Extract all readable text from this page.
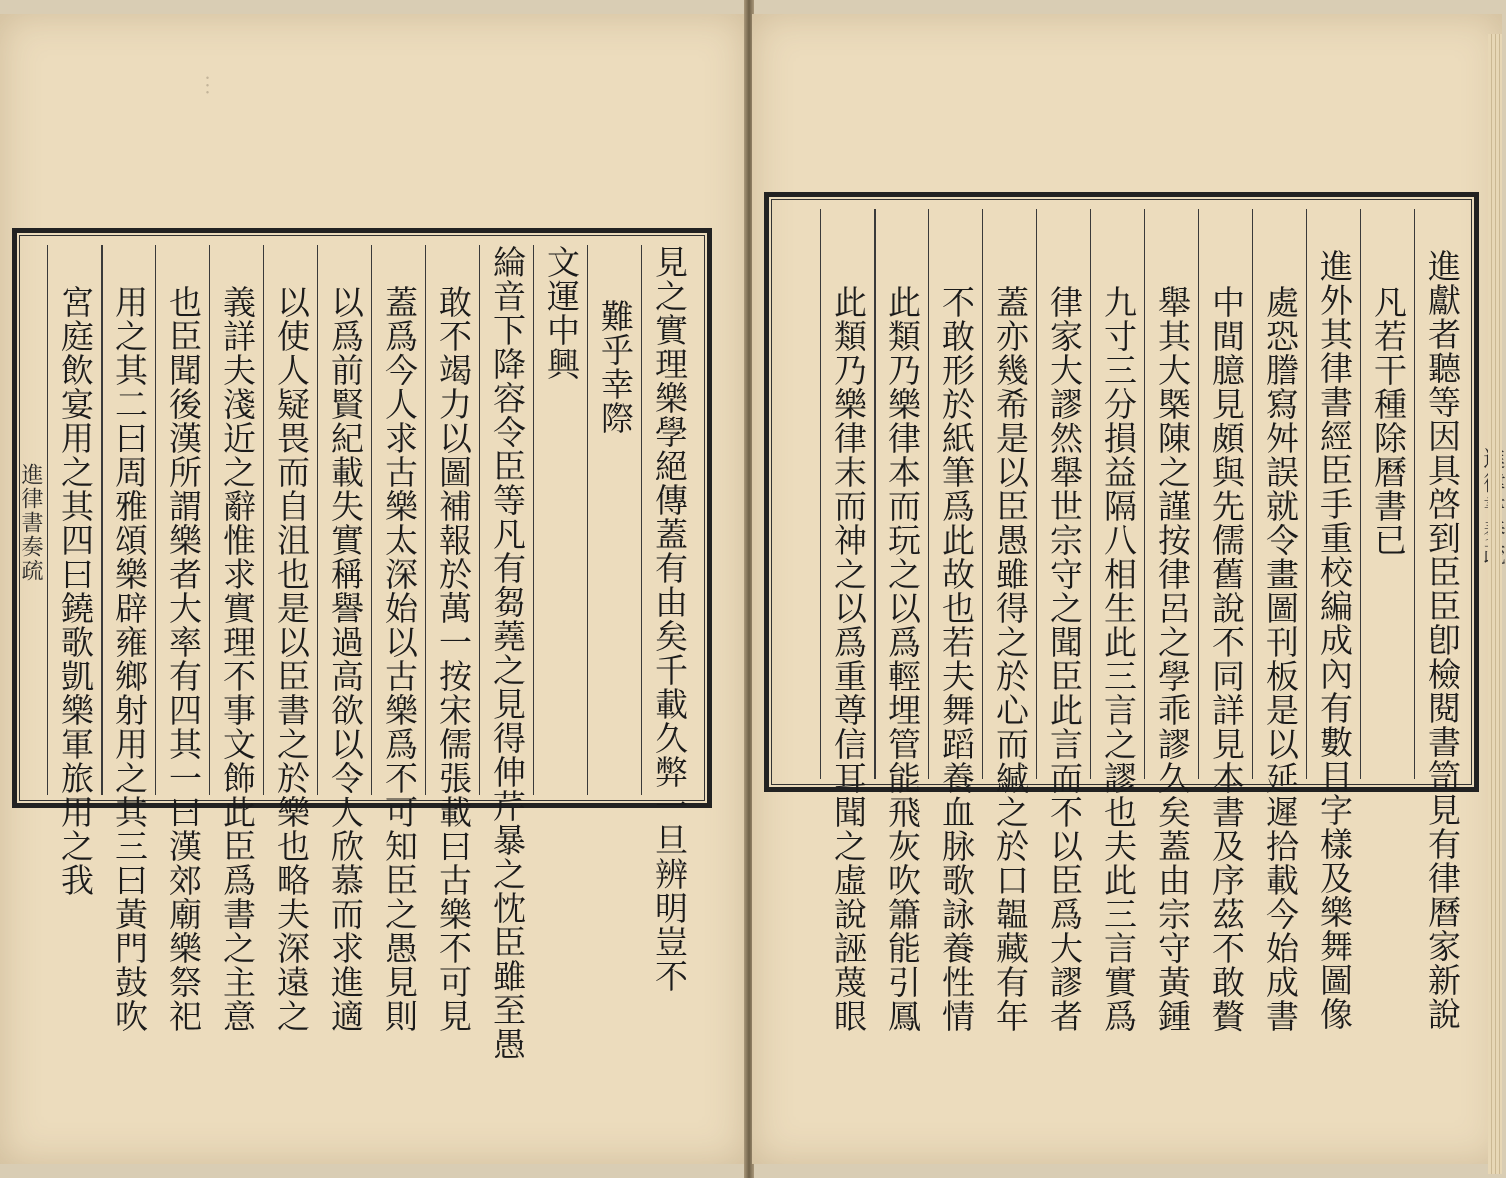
︙
進律書奏疏	見之實理樂學絕傳蓋有由矣千載久弊一旦辨明豈不
難乎幸際
文運中興
綸音下降容令臣等凡有芻蕘之見得伸芹暴之忱臣雖至愚
敢不竭力以圖補報於萬一按宋儒張載曰古樂不可見
蓋爲今人求古樂太深始以古樂爲不可知臣之愚見則
以爲前賢紀載失實稱譽過高欲以令人欣慕而求進適
以使人疑畏而自沮也是以臣書之於樂也略夫深遠之
義詳夫淺近之辭惟求實理不事文飾此臣爲書之主意
也臣聞後漢所謂樂者大率有四其一曰漢郊廟樂祭祀
用之其二曰周雅頌樂辟雍鄉射用之其三曰黃門鼓吹
宮庭飲宴用之其四曰鐃歌凱樂軍旅用之我	進獻者聽等因具啓到臣臣卽檢閱書笥見有律曆家新說
凡若干種除曆書已
進外其律書經臣手重校編成內有數目字樣及樂舞圖像
處恐謄寫舛誤就令畫圖刊板是以延遲拾載今始成書
中間臆見頗與先儒舊說不同詳見本書及序茲不敢贅
舉其大槩陳之謹按律呂之學乖謬久矣蓋由宗守黃鍾
九寸三分損益隔八相生此三言之謬也夫此三言實爲
律家大謬然舉世宗守之聞臣此言而不以臣爲大謬者
蓋亦幾希是以臣愚雖得之於心而緘之於口韞藏有年
不敢形於紙筆爲此故也若夫舞蹈養血脉歌詠養性情
此類乃樂律本而玩之以爲輕埋管能飛灰吹簫能引鳳
此類乃樂律末而神之以爲重尊信耳聞之虛說誣蔑眼
